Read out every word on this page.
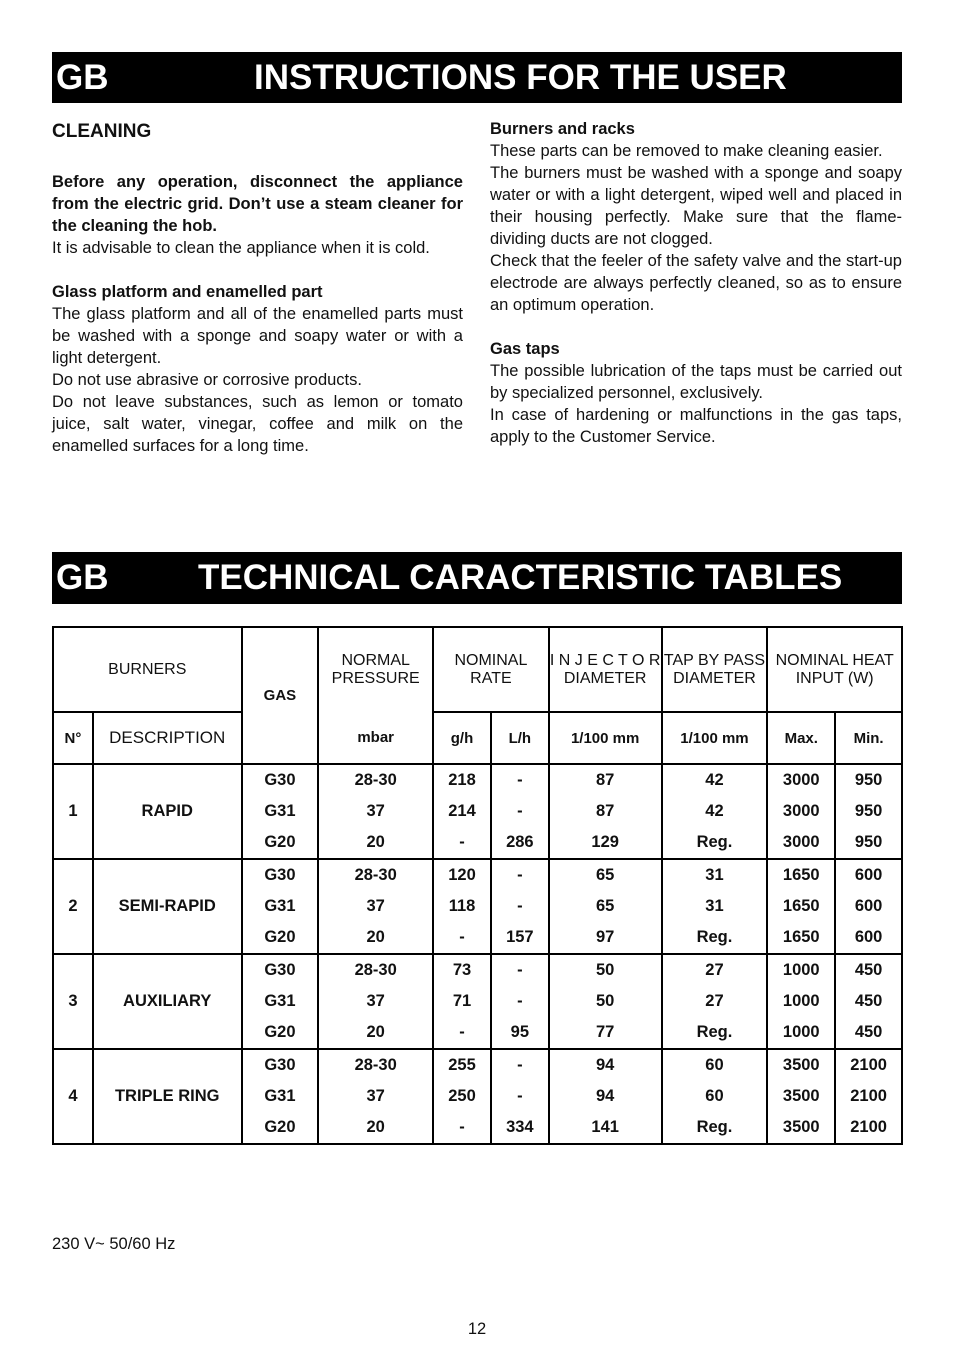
GB	INSTRUCTIONS FOR THE USER

CLEANING

Before any operation, disconnect the appliance from the electric grid. Don’t use a steam cleaner for the cleaning the hob.

It is advisable to clean the appliance when it is cold.

Glass platform and enamelled part

The glass platform and all of the enamelled parts must be washed with a sponge and soapy water or with a light detergent.

Do not use abrasive or corrosive products.

Do not leave substances, such as lemon or tomato juice, salt water, vinegar, coffee and milk on the enamelled surfaces for a long time.

Burners and racks

These parts can be removed to make cleaning easier.

The burners must be washed with a sponge and soapy water or with a light detergent, wiped well and placed in their housing perfectly. Make sure that the flame-dividing ducts are not clogged.

Check that the feeler of the safety valve and the start-up electrode are always perfectly cleaned, so as to ensure an optimum operation.

Gas taps

The possible lubrication of the taps must be carried out by specialized personnel, exclusively.

In case of hardening or malfunctions in the gas taps, apply to the Customer Service.

GB	TECHNICAL CARACTERISTIC TABLES
BURNERS		GAS	NORMAL PRESSURE	NOMINAL RATE		I N J E C T O R DIAMETER	TAP BY PASS DIAMETER	NOMINAL HEAT INPUT (W)	
N°	DESCRIPTION		mbar	g/h	L/h	1/100 mm	1/100 mm	Max.	Min.
1	RAPID	G30	28-30	218	-	87	42	3000	950
		G31	37	214	-	87	42	3000	950
		G20	20	-	286	129	Reg.	3000	950
2	SEMI-RAPID	G30	28-30	120	-	65	31	1650	600
		G31	37	118	-	65	31	1650	600
		G20	20	-	157	97	Reg.	1650	600
3	AUXILIARY	G30	28-30	73	-	50	27	1000	450
		G31	37	71	-	50	27	1000	450
		G20	20	-	95	77	Reg.	1000	450
4	TRIPLE RING	G30	28-30	255	-	94	60	3500	2100
		G31	37	250	-	94	60	3500	2100
		G20	20	-	334	141	Reg.	3500	2100
230 V~ 50/60 Hz
12
